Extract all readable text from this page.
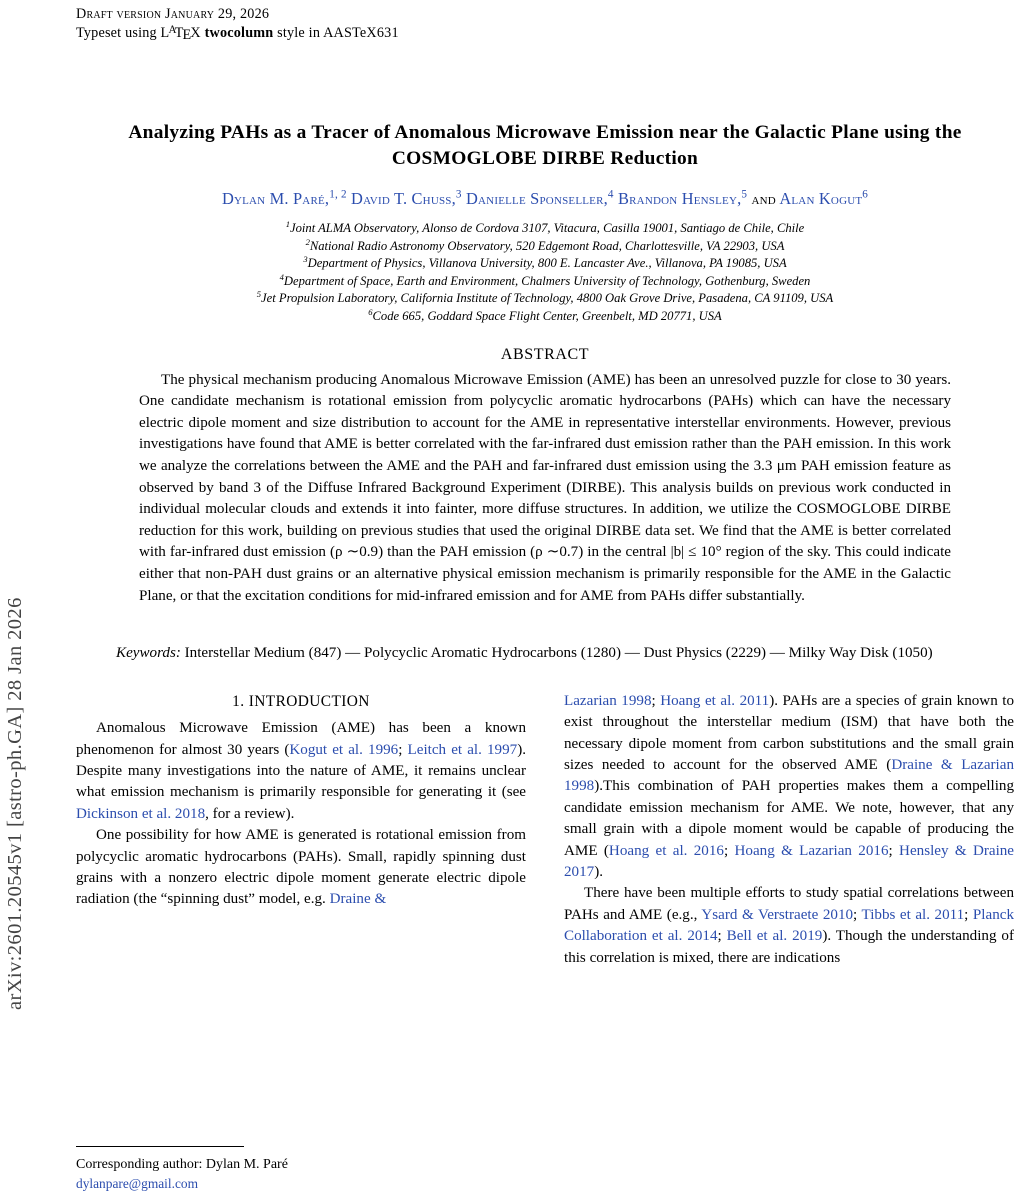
arXiv:2601.20545v1 [astro-ph.GA] 28 Jan 2026
Draft version January 29, 2026
Typeset using $L^ATEX$ twocolumn style in AASTeX631
Analyzing PAHs as a Tracer of Anomalous Microwave Emission near the Galactic Plane using the COSMOGLOBE DIRBE Reduction
Dylan M. Paré,$^{1, 2}$ David T. Chuss,$^3$ Danielle Sponseller,$^4$ Brandon Hensley,$^5$ and Alan Kogut$^6$
$^1$Joint ALMA Observatory, Alonso de Cordova 3107, Vitacura, Casilla 19001, Santiago de Chile, Chile
$^2$National Radio Astronomy Observatory, 520 Edgemont Road, Charlottesville, VA 22903, USA
$^3$Department of Physics, Villanova University, 800 E. Lancaster Ave., Villanova, PA 19085, USA
$^4$Department of Space, Earth and Environment, Chalmers University of Technology, Gothenburg, Sweden
$^5$Jet Propulsion Laboratory, California Institute of Technology, 4800 Oak Grove Drive, Pasadena, CA 91109, USA
$^6$Code 665, Goddard Space Flight Center, Greenbelt, MD 20771, USA
ABSTRACT
The physical mechanism producing Anomalous Microwave Emission (AME) has been an unresolved puzzle for close to 30 years. One candidate mechanism is rotational emission from polycyclic aromatic hydrocarbons (PAHs) which can have the necessary electric dipole moment and size distribution to account for the AME in representative interstellar environments. However, previous investigations have found that AME is better correlated with the far-infrared dust emission rather than the PAH emission. In this work we analyze the correlations between the AME and the PAH and far-infrared dust emission using the 3.3 μm PAH emission feature as observed by band 3 of the Diffuse Infrared Background Experiment (DIRBE). This analysis builds on previous work conducted in individual molecular clouds and extends it into fainter, more diffuse structures. In addition, we utilize the COSMOGLOBE DIRBE reduction for this work, building on previous studies that used the original DIRBE data set. We find that the AME is better correlated with far-infrared dust emission (ρ ∼0.9) than the PAH emission (ρ ∼0.7) in the central |b| ≤ 10° region of the sky. This could indicate either that non-PAH dust grains or an alternative physical emission mechanism is primarily responsible for the AME in the Galactic Plane, or that the excitation conditions for mid-infrared emission and for AME from PAHs differ substantially.
Keywords: Interstellar Medium (847) — Polycyclic Aromatic Hydrocarbons (1280) — Dust Physics (2229) — Milky Way Disk (1050)
1. INTRODUCTION

Anomalous Microwave Emission (AME) has been a known phenomenon for almost 30 years (Kogut et al. 1996; Leitch et al. 1997). Despite many investigations into the nature of AME, it remains unclear what emission mechanism is primarily responsible for generating it (see Dickinson et al. 2018, for a review).

One possibility for how AME is generated is rotational emission from polycyclic aromatic hydrocarbons (PAHs). Small, rapidly spinning dust grains with a nonzero electric dipole moment generate electric dipole radiation (the “spinning dust” model, e.g. Draine &

Lazarian 1998; Hoang et al. 2011). PAHs are a species of grain known to exist throughout the interstellar medium (ISM) that have both the necessary dipole moment from carbon substitutions and the small grain sizes needed to account for the observed AME (Draine & Lazarian 1998).This combination of PAH properties makes them a compelling candidate emission mechanism for AME. We note, however, that any small grain with a dipole moment would be capable of producing the AME (Hoang et al. 2016; Hoang & Lazarian 2016; Hensley & Draine 2017).

There have been multiple efforts to study spatial correlations between PAHs and AME (e.g., Ysard & Verstraete 2010; Tibbs et al. 2011; Planck Collaboration et al. 2014; Bell et al. 2019). Though the understanding of this correlation is mixed, there are indications

Corresponding author: Dylan M. Paré
dylanpare@gmail.com
